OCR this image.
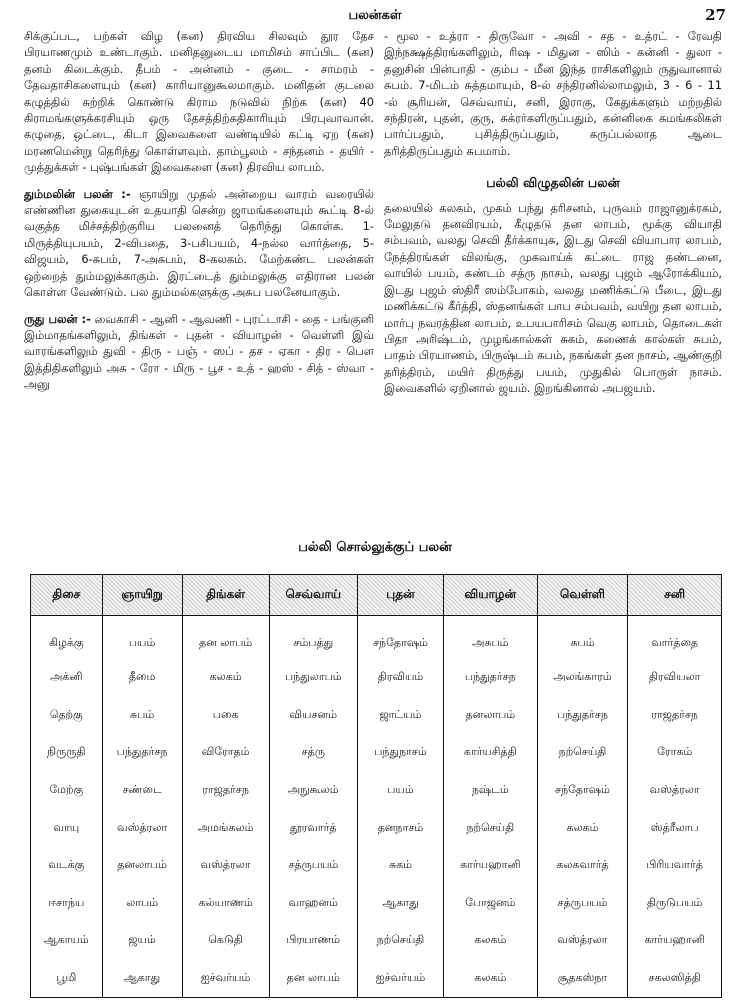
பலன்கள்	27

சிக்குப்பட, பற்கள் விழ (கன) திரவிய சிலவும் தூர தேச பிரயாணமும் உண்டாகும். மனிதனுடைய மாமிசம் சாப்பிட (கன) தனம் கிடைக்கும். தீபம் - அன்னம் - குடை - சாமரம் - தேவதாசிகளையும் (கன) காரியானுகூலமாகும். மனிதன் குடலை கழுத்தில் சுற்றிக் கொண்டு கிராம நடுவில் நிற்க (கன) 40 கிராமங்களுக்கரசியும் ஒரு தேசத்திற்கதிகாரியும் பிரபுவாவான். கழுதை, ஒட்டை, கிடா இவைகளை வண்டியில் கட்டி ஏற (கன) மரணமென்று தெரிந்து கொள்ளவும். தாம்பூலம் - சந்தனம் - தயிர் - முத்துக்கள் - புஷ்பங்கள் இவைகளை (கன) திரவிய லாபம்.

தும்மலின் பலன் :- ஞாயிறு முதல் அன்றைய வாரம் வரையில் எண்ணின துகையுடன் உதயாதி சென்ற ஜாமங்களையும் கூட்டி 8-ல் வகுத்த மிச்சத்திற்குரிய பலனைத் தெரிந்து கொள்க. 1-மிருத்தியுபயம், 2-விபதை, 3-பசிபயம், 4-நல்ல வார்த்தை, 5-விஜயம், 6-சுபம், 7-அசுபம், 8-கலகம். மேற்கண்ட பலன்கள் ஒற்றைத் தும்மலுக்காகும். இரட்டைத் தும்மலுக்கு எதிரான பலன் கொள்ள வேண்டும். பல தும்மல்களுக்கு அசுப பலனேயாகும்.

ருது பலன் :- வைகாசி - ஆனி - ஆவணி - புரட்டாசி - தை - பங்குனி இம்மாதங்களிலும், திங்கள் - புதன் - வியாழன் - வெள்ளி இவ் வாரங்களிலும் துவி - திரு - பஞ் - ஸப் - தச - ஏகா - திர - பௌ இத்திதிகளிலும் அசு - ரோ - மிரு - பூச - உத் - ஹஸ் - சித் - ஸ்வா - அனு

- மூல - உத்ரா - திருவோ - அவி - சத - உத்ரட் - ரேவதி இந்நக்ஷத்திரங்களிலும், ரிஷ - மிதுன - ஸிம் - கன்னி - துலா - தனுசின் பின்பாதி - கும்ப - மீன இந்த ராசிகளிலும் ருதுவானால் சுபம். 7-மிடம் சுத்தமாயும், 8-ல் சந்திரனில்லாமலும், 3 - 6 - 11 -ல் சூரியன், செவ்வாய், சனி, இராகு, கேதுக்களும் மற்றதில் சந்திரன், புதன், குரு, சுக்ரர்களிருப்பதும், கன்னிகை சுமங்கலிகள் பார்ப்பதும், புசித்திருப்பதும், கருப்பல்லாத ஆடை தரித்திருப்பதும் சுபமாம்.

பல்லி விழுதலின் பலன்

தலையில் கலகம், முகம் பந்து தரிசனம், புருவம் ராஜானுக்ரகம், மேலுதடு தனவிரயம், கீழுதடு தன லாபம், மூக்கு வியாதி சம்பவம், வலது செவி தீர்க்காயுசு, இடது செவி வியாபார லாபம், நேத்திரங்கள் விலங்கு, முகவாய்க் கட்டை ராஜ தண்டனை, வாயில் பயம், கண்டம் சத்ரு நாசம், வலது புஜம் ஆரோக்கியம், இடது புஜம் ஸ்திரீ ஸம்போகம், வலது மணிக்கட்டு பீடை, இடது மணிக்கட்டு கீர்த்தி, ஸ்தனங்கள் பாப சம்பவம், வயிறு தன லாபம், மார்பு நவரத்தின லாபம், உபயபாரிசம் வெகு லாபம், தொடைகள் பிதா அரிஷ்டம், முழங்கால்கள் சுகம், கணைக் கால்கள் சுபம், பாதம் பிரயாணம், பிருஷ்டம் சுபம், நகங்கள் தன நாசம், ஆண்குறி தரித்திரம், மயிர் திருத்து பயம், முதுகில் பொருள் நாசம். இவைகளில் ஏறினால் ஜயம். இறங்கினால் அபஜயம்.

பல்லி சொல்லுக்குப் பலன்
திசை	ஞாயிறு	திங்கள்	செவ்வாய்	புதன்	வியாழன்	வெள்ளி	சனி
கிழக்கு	பயம்	தன லாபம்	சம்பத்து	சந்தோஷம்	அசுபம்	சுபம்	வார்த்தை
அக்னி	தீமை	கலகம்	பந்துலாபம்	திரவியம்	பந்துதர்சந	அலங்காரம்	திரவியலா
தெற்கு	சுபம்	பகை	வியசனம்	ஜாட்யம்	தனலாபம்	பந்துதர்சந	ராஜதர்சந
நிருருதி	பந்துதர்சந	விரோதம்	சத்ரு	பந்துநாசம்	கார்யசித்தி	நற்செய்தி	ரோகம்
மேற்கு	சண்டை	ராஜதர்சந	அநுகூலம்	பயம்	நஷ்டம்	சந்தோஷம்	வஸ்த்ரலா
வாயு	வஸ்த்ரலா	அமங்கலம்	தூரவார்த்	தனநாசம்	நற்செய்தி	கலகம்	ஸ்த்ரீலாப
வடக்கு	தனலாபம்	வஸ்த்ரலா	சத்ருபயம்	சுகம்	கார்யஹானி	கலகவார்த்	பிரியவார்த்
ஈசாந்ய	லாபம்	கல்யாணம்	வாஹனம்	ஆகாது	போஜனம்	சத்ருபயம்	திருடுபயம்
ஆகாயம்	ஜயம்	கெடுதி	பிரயாணம்	நற்செய்தி	கலகம்	வஸ்த்ரலா	கார்யஹானி
பூமி	ஆகாது	ஐச்வர்யம்	தன லாபம்	ஐச்வர்யம்	கலகம்	சூதகஸ்நா	சகலஸித்தி
